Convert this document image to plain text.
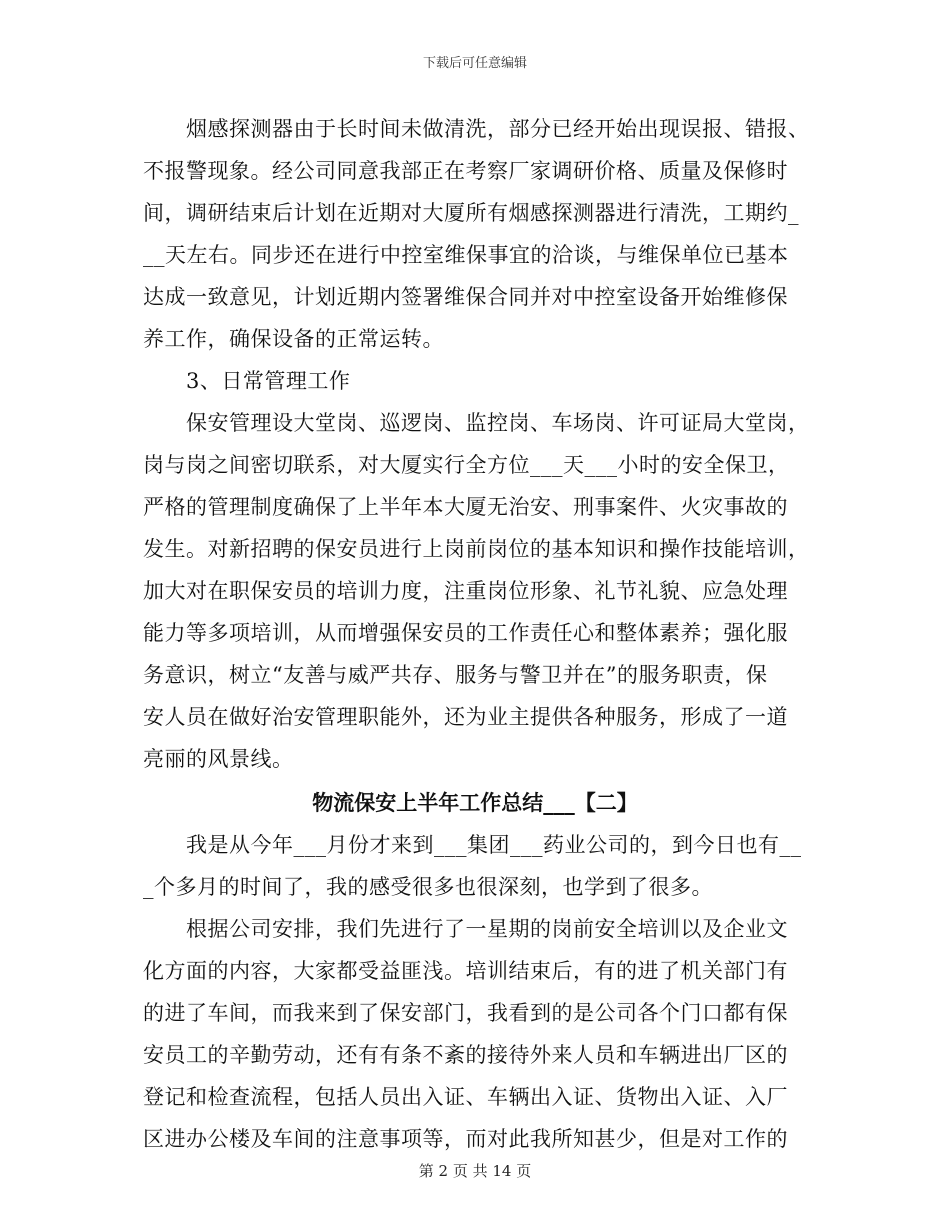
下载后可任意编辑
　　烟感探测器由于长时间未做清洗，部分已经开始出现误报、错报、
不报警现象。经公司同意我部正在考察厂家调研价格、质量及保修时
间，调研结束后计划在近期对大厦所有烟感探测器进行清洗，工期约_
__天左右。同步还在进行中控室维保事宜的洽谈，与维保单位已基本
达成一致意见，计划近期内签署维保合同并对中控室设备开始维修保
养工作，确保设备的正常运转。
　　3、日常管理工作
　　保安管理设大堂岗、巡逻岗、监控岗、车场岗、许可证局大堂岗，
岗与岗之间密切联系，对大厦实行全方位___天___小时的安全保卫，
严格的管理制度确保了上半年本大厦无治安、刑事案件、火灾事故的
发生。对新招聘的保安员进行上岗前岗位的基本知识和操作技能培训，
加大对在职保安员的培训力度，注重岗位形象、礼节礼貌、应急处理
能力等多项培训，从而增强保安员的工作责任心和整体素养；强化服
务意识，树立“友善与威严共存、服务与警卫并在”的服务职责，保
安人员在做好治安管理职能外，还为业主提供各种服务，形成了一道
亮丽的风景线。
物流保安上半年工作总结___【二】
　　我是从今年___月份才来到___集团___药业公司的，到今日也有__
_个多月的时间了，我的感受很多也很深刻，也学到了很多。
　　根据公司安排，我们先进行了一星期的岗前安全培训以及企业文
化方面的内容，大家都受益匪浅。培训结束后，有的进了机关部门有
的进了车间，而我来到了保安部门，我看到的是公司各个门口都有保
安员工的辛勤劳动，还有有条不紊的接待外来人员和车辆进出厂区的
登记和检查流程，包括人员出入证、车辆出入证、货物出入证、入厂
区进办公楼及车间的注意事项等，而对此我所知甚少，但是对工作的
第 2 页 共 14 页
